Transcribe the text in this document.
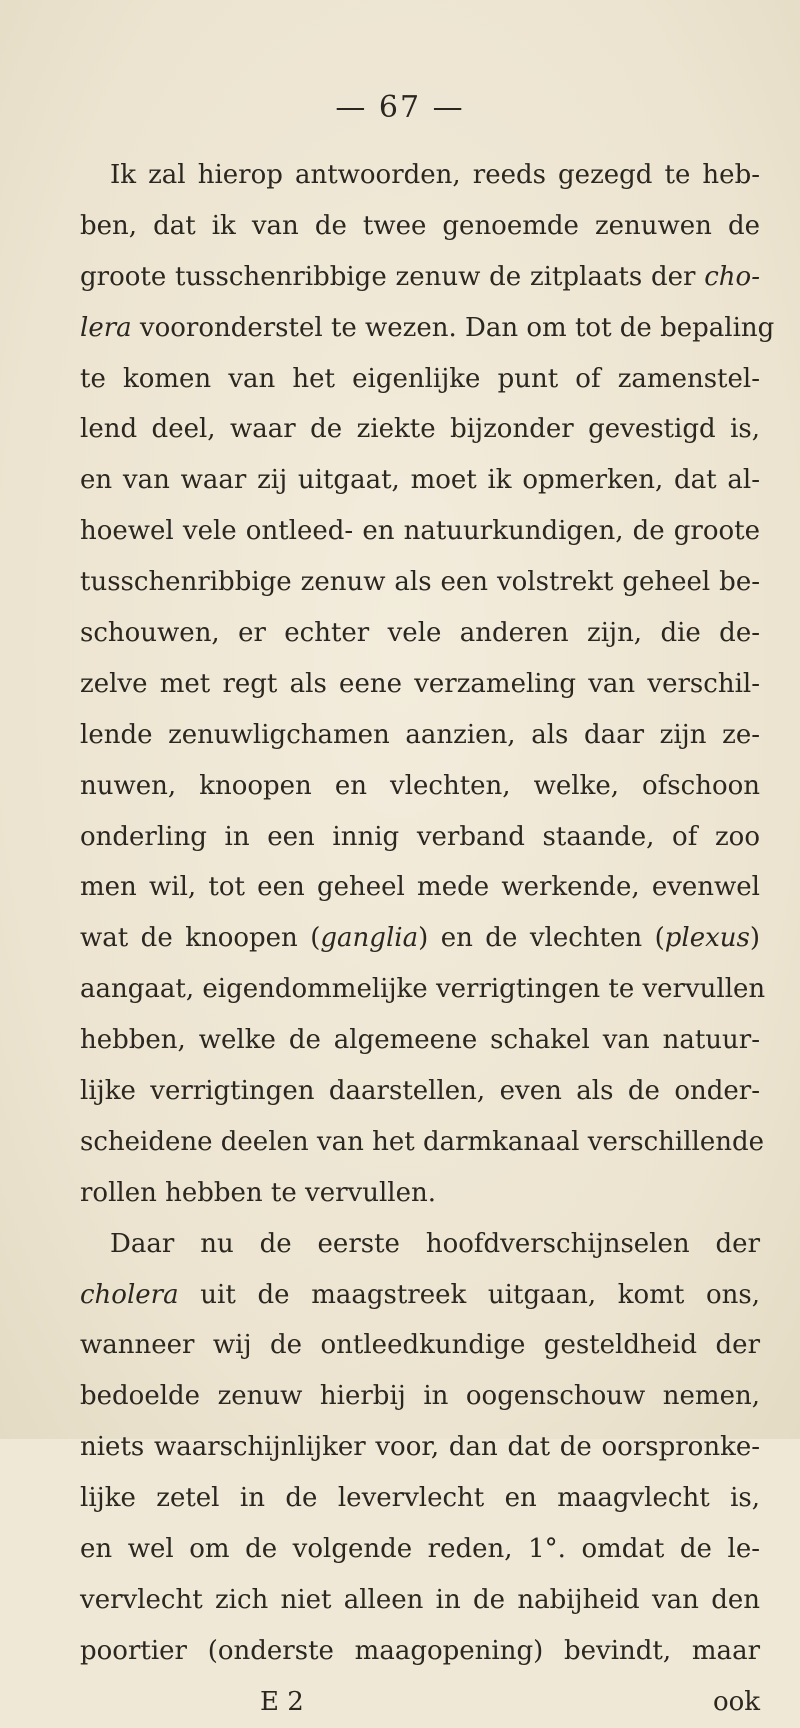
— 67 —
Ik zal hierop antwoorden, reeds gezegd te heb-
ben, dat ik van de twee genoemde zenuwen de
groote tusschenribbige zenuw de zitplaats der cho-
lera vooronderstel te wezen. Dan om tot de bepaling
te komen van het eigenlijke punt of zamenstel-
lend deel, waar de ziekte bijzonder gevestigd is,
en van waar zij uitgaat, moet ik opmerken, dat al-
hoewel vele ontleed- en natuurkundigen, de groote
tusschenribbige zenuw als een volstrekt geheel be-
schouwen, er echter vele anderen zijn, die de-
zelve met regt als eene verzameling van verschil-
lende zenuwligchamen aanzien, als daar zijn ze-
nuwen, knoopen en vlechten, welke, ofschoon
onderling in een innig verband staande, of zoo
men wil, tot een geheel mede werkende, evenwel
wat de knoopen (ganglia) en de vlechten (plexus)
aangaat, eigendommelijke verrigtingen te vervullen
hebben, welke de algemeene schakel van natuur-
lijke verrigtingen daarstellen, even als de onder-
scheidene deelen van het darmkanaal verschillende
rollen hebben te vervullen.
Daar nu de eerste hoofdverschijnselen der
cholera uit de maagstreek uitgaan, komt ons,
wanneer wij de ontleedkundige gesteldheid der
bedoelde zenuw hierbij in oogenschouw nemen,
niets waarschijnlijker voor, dan dat de oorspronke-
lijke zetel in de levervlecht en maagvlecht is,
en wel om de volgende reden, 1°. omdat de le-
vervlecht zich niet alleen in de nabijheid van den
poortier (onderste maagopening) bevindt, maar
E 2	ook
